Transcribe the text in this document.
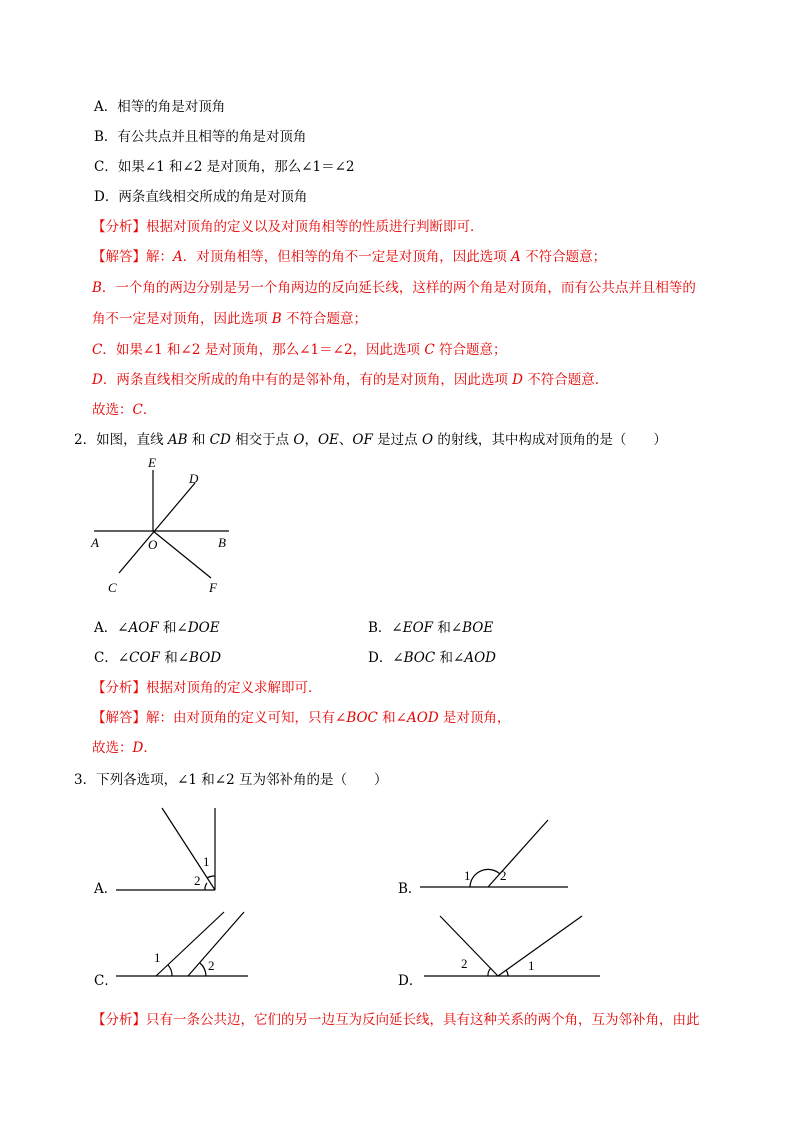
A．相等的角是对顶角
B．有公共点并且相等的角是对顶角
C．如果∠1 和∠2 是对顶角，那么∠1＝∠2
D．两条直线相交所成的角是对顶角
【分析】根据对顶角的定义以及对顶角相等的性质进行判断即可．
【解答】解：A．对顶角相等，但相等的角不一定是对顶角，因此选项 A 不符合题意；
B．一个角的两边分别是另一个角两边的反向延长线，这样的两个角是对顶角，而有公共点并且相等的
角不一定是对顶角，因此选项 B 不符合题意；
C．如果∠1 和∠2 是对顶角，那么∠1＝∠2，因此选项 C 符合题意；
D．两条直线相交所成的角中有的是邻补角，有的是对顶角，因此选项 D 不符合题意．
故选：C．
2．如图，直线 AB 和 CD 相交于点 O，OE、OF 是过点 O 的射线，其中构成对顶角的是（　　）
E
D
A	O	B
C	F
A．∠AOF 和∠DOE	B．∠EOF 和∠BOE
C．∠COF 和∠BOD	D．∠BOC 和∠AOD
【分析】根据对顶角的定义求解即可．
【解答】解：由对顶角的定义可知，只有∠BOC 和∠AOD 是对顶角，
故选：D．
3．下列各选项，∠1 和∠2 互为邻补角的是（　　）
A．	B．
C．	D．
1
2	1 2
1
2	2	1
【分析】只有一条公共边，它们的另一边互为反向延长线，具有这种关系的两个角，互为邻补角，由此
